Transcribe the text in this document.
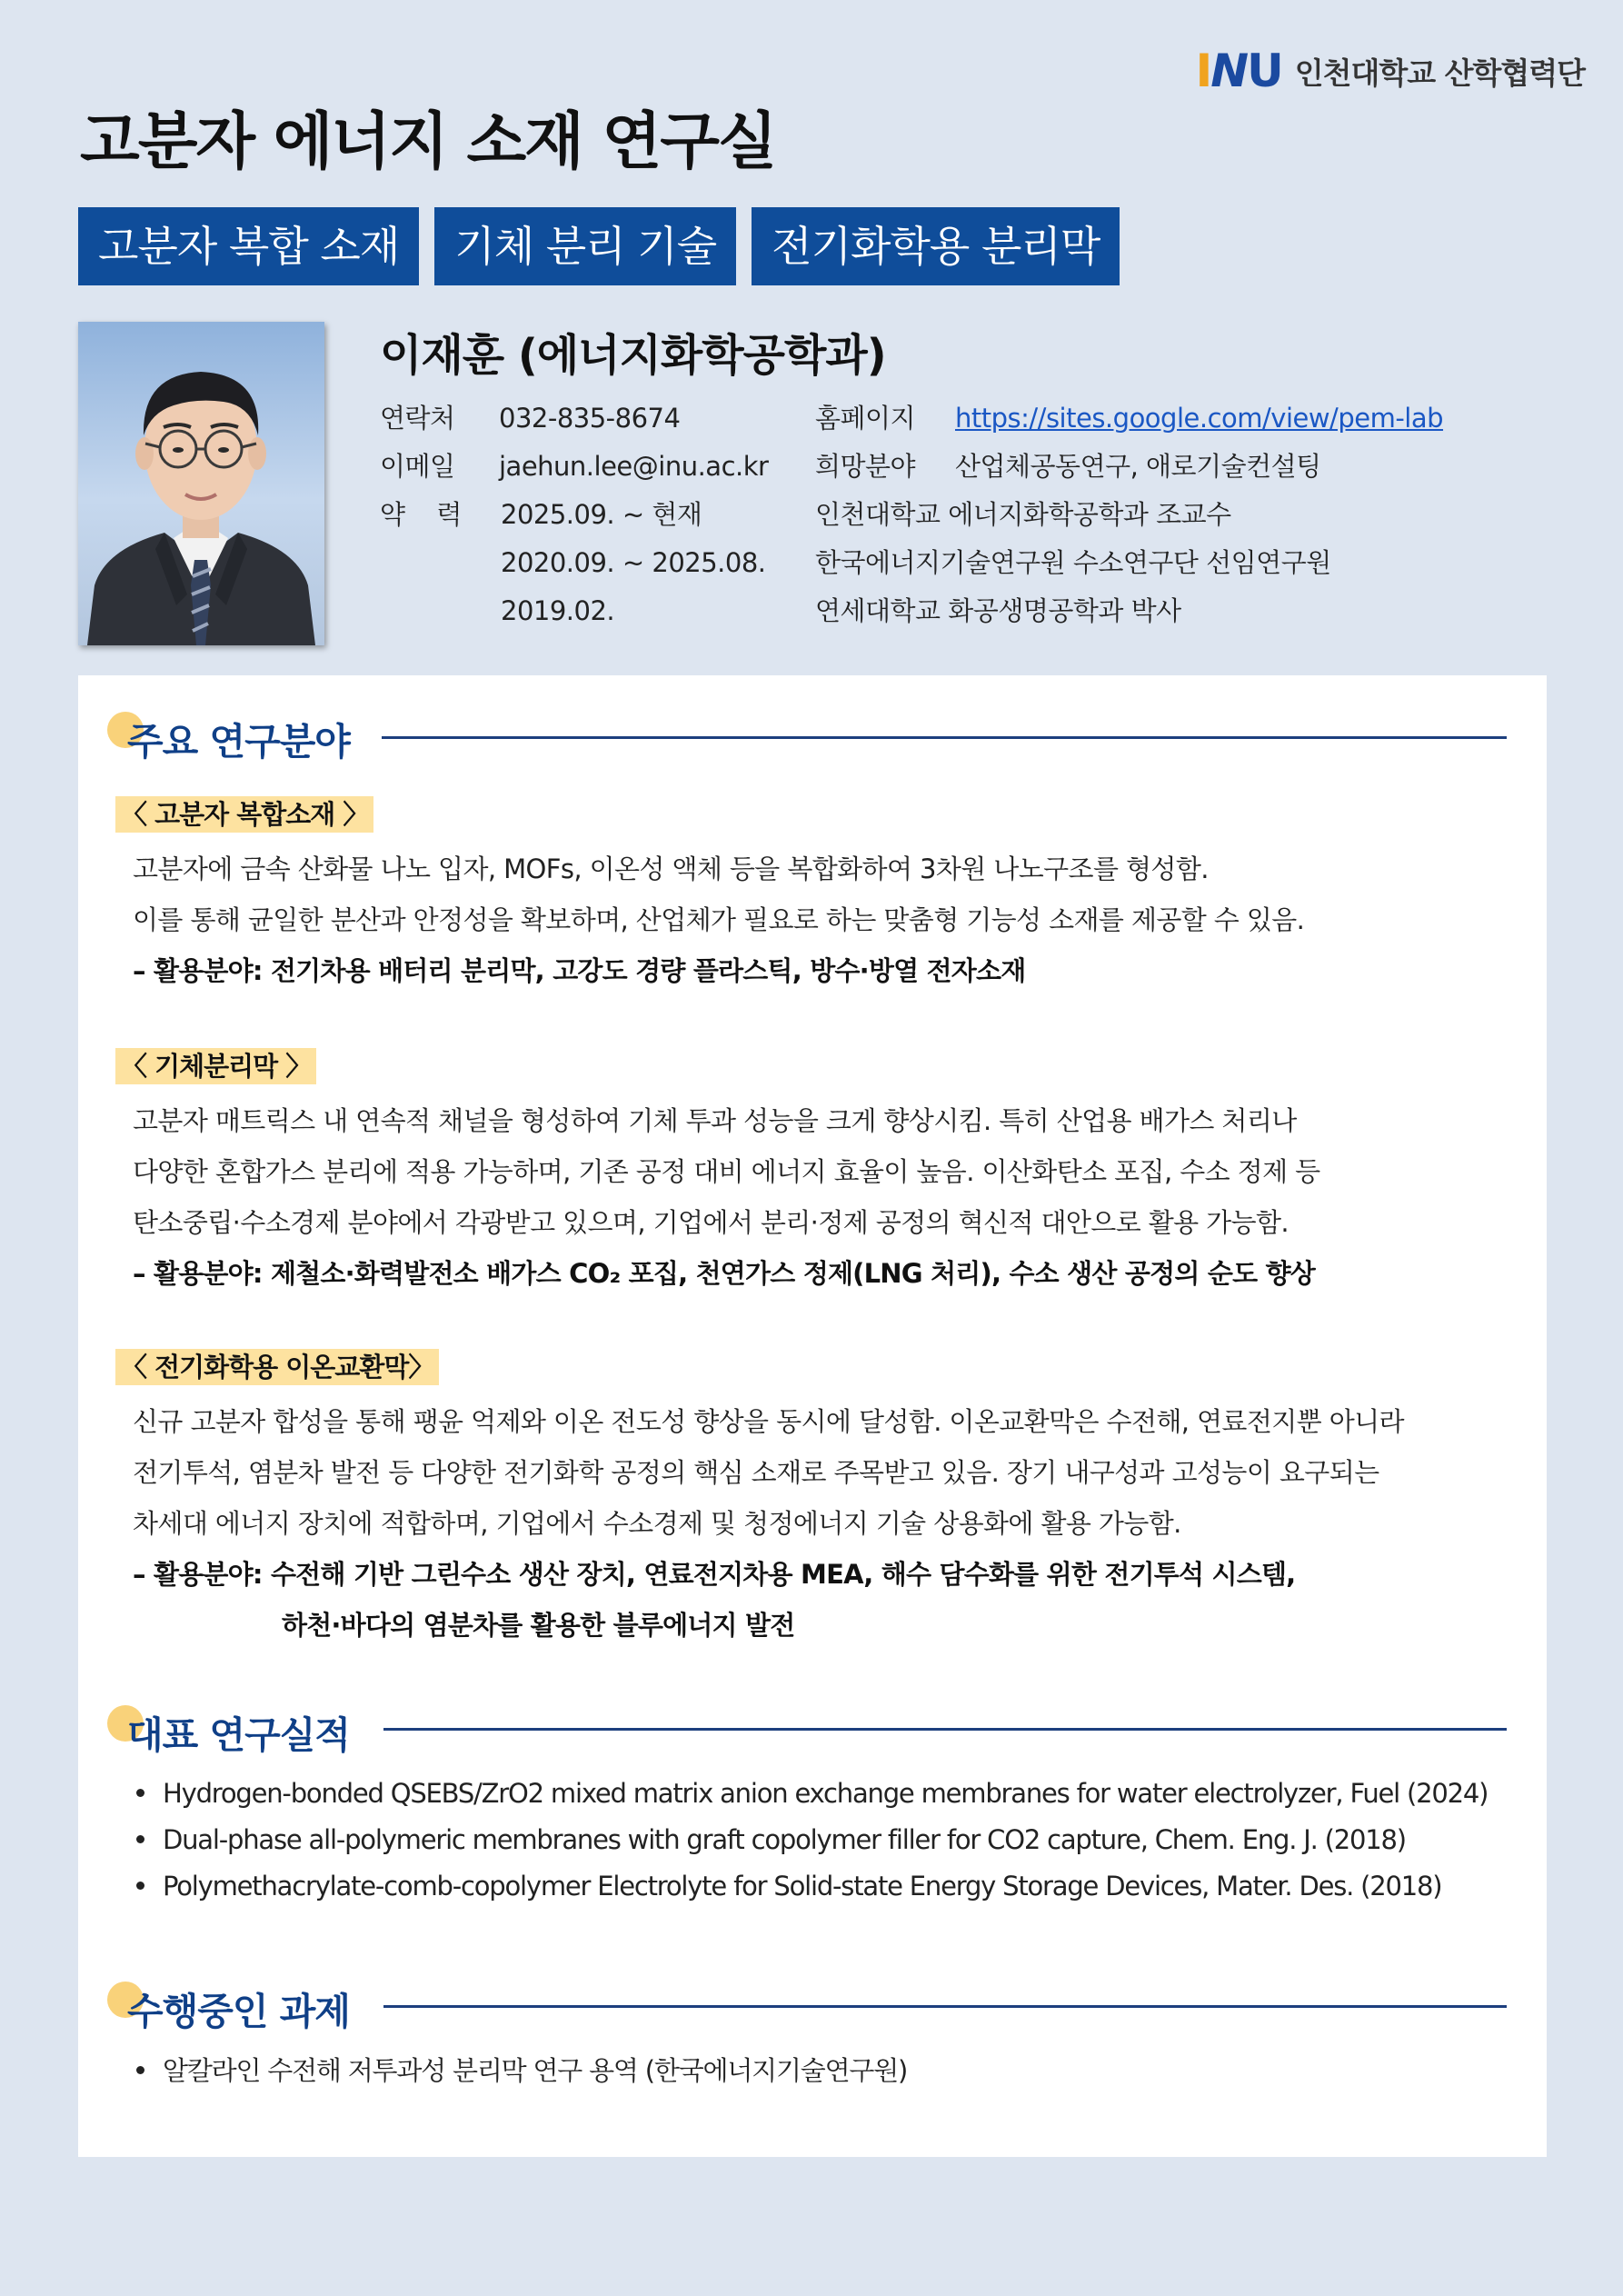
I N U 인천대학교 산학협력단
고분자 에너지 소재 연구실
고분자 복합 소재	기체 분리 기술	전기화학용 분리막
이재훈 (에너지화학공학과)
연락처 032-835-8674
이메일 jaehun.lee@inu.ac.kr
약    력 2025.09. ~ 현재
2020.09. ~ 2025.08.
2019.02.
홈페이지 https://sites.google.com/view/pem-lab
희망분야 산업체공동연구, 애로기술컨설팅
인천대학교 에너지화학공학과 조교수
한국에너지기술연구원 수소연구단 선임연구원
연세대학교 화공생명공학과 박사
주요 연구분야
〈 고분자 복합소재 〉
고분자에 금속 산화물 나노 입자, MOFs, 이온성 액체 등을 복합화하여 3차원 나노구조를 형성함.
이를 통해 균일한 분산과 안정성을 확보하며, 산업체가 필요로 하는 맞춤형 기능성 소재를 제공할 수 있음.
– 활용분야: 전기차용 배터리 분리막, 고강도 경량 플라스틱, 방수·방열 전자소재
〈 기체분리막 〉
고분자 매트릭스 내 연속적 채널을 형성하여 기체 투과 성능을 크게 향상시킴. 특히 산업용 배가스 처리나
다양한 혼합가스 분리에 적용 가능하며, 기존 공정 대비 에너지 효율이 높음. 이산화탄소 포집, 수소 정제 등
탄소중립·수소경제 분야에서 각광받고 있으며, 기업에서 분리·정제 공정의 혁신적 대안으로 활용 가능함.
– 활용분야: 제철소·화력발전소 배가스 CO₂ 포집, 천연가스 정제(LNG 처리), 수소 생산 공정의 순도 향상
〈 전기화학용 이온교환막〉
신규 고분자 합성을 통해 팽윤 억제와 이온 전도성 향상을 동시에 달성함. 이온교환막은 수전해, 연료전지뿐 아니라
전기투석, 염분차 발전 등 다양한 전기화학 공정의 핵심 소재로 주목받고 있음. 장기 내구성과 고성능이 요구되는
차세대 에너지 장치에 적합하며, 기업에서 수소경제 및 청정에너지 기술 상용화에 활용 가능함.
– 활용분야: 수전해 기반 그린수소 생산 장치, 연료전지차용 MEA, 해수 담수화를 위한 전기투석 시스템,
하천·바다의 염분차를 활용한 블루에너지 발전
대표 연구실적
Hydrogen-bonded QSEBS/ZrO2 mixed matrix anion exchange membranes for water electrolyzer, Fuel (2024)
Dual-phase all-polymeric membranes with graft copolymer filler for CO2 capture, Chem. Eng. J. (2018)
Polymethacrylate-comb-copolymer Electrolyte for Solid-state Energy Storage Devices, Mater. Des. (2018)
수행중인 과제
알칼라인 수전해 저투과성 분리막 연구 용역 (한국에너지기술연구원)
